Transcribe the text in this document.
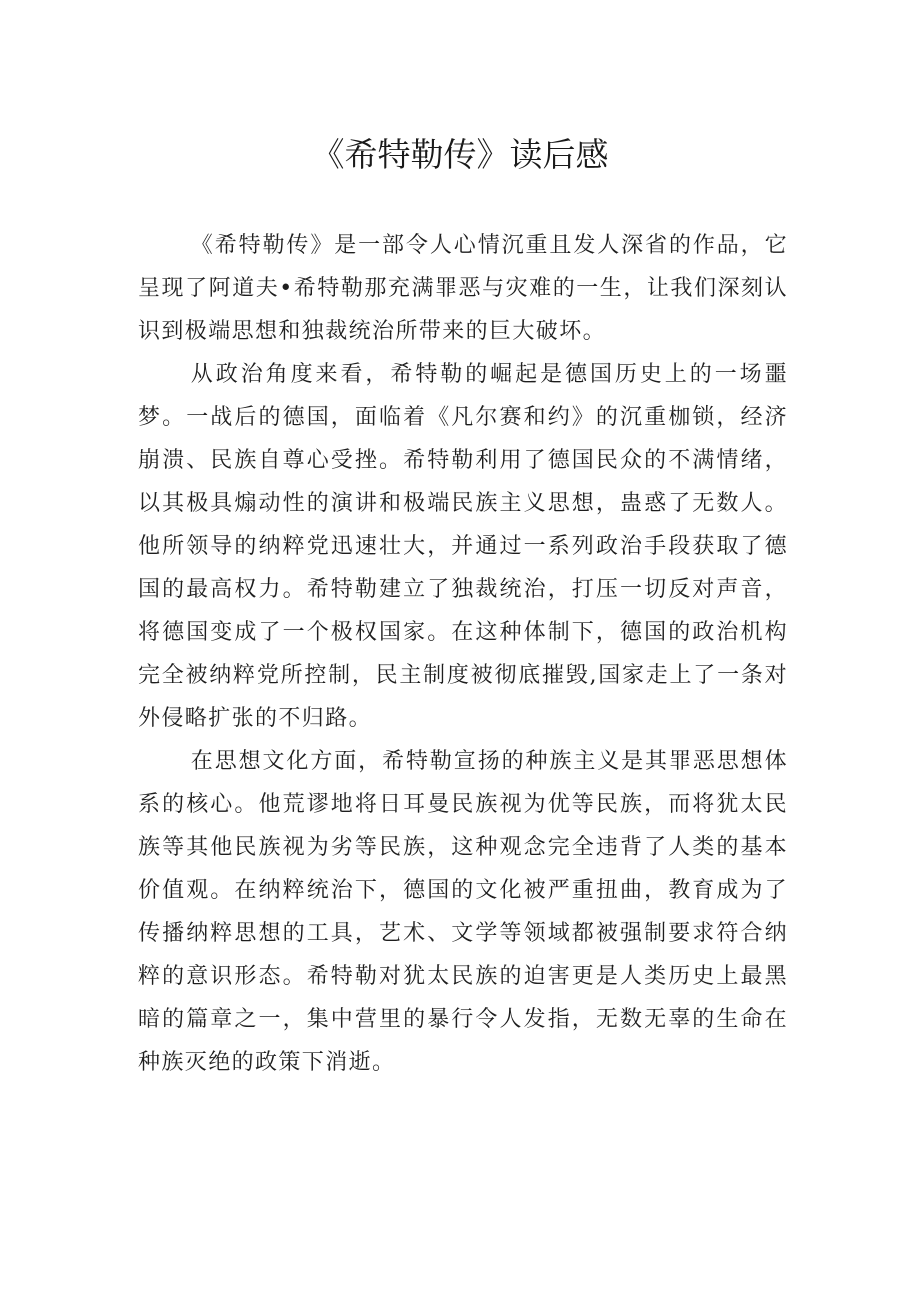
《希特勒传》读后感

《希特勒传》是一部令人心情沉重且发人深省的作品，它呈现了阿道夫•希特勒那充满罪恶与灾难的一生，让我们深刻认识到极端思想和独裁统治所带来的巨大破坏。

从政治角度来看，希特勒的崛起是德国历史上的一场噩梦。一战后的德国，面临着《凡尔赛和约》的沉重枷锁，经济崩溃、民族自尊心受挫。希特勒利用了德国民众的不满情绪，以其极具煽动性的演讲和极端民族主义思想，蛊惑了无数人。他所领导的纳粹党迅速壮大，并通过一系列政治手段获取了德国的最高权力。希特勒建立了独裁统治，打压一切反对声音，将德国变成了一个极权国家。在这种体制下，德国的政治机构完全被纳粹党所控制，民主制度被彻底摧毁,国家走上了一条对外侵略扩张的不归路。

在思想文化方面，希特勒宣扬的种族主义是其罪恶思想体系的核心。他荒谬地将日耳曼民族视为优等民族，而将犹太民族等其他民族视为劣等民族，这种观念完全违背了人类的基本价值观。在纳粹统治下，德国的文化被严重扭曲，教育成为了传播纳粹思想的工具，艺术、文学等领域都被强制要求符合纳粹的意识形态。希特勒对犹太民族的迫害更是人类历史上最黑暗的篇章之一，集中营里的暴行令人发指，无数无辜的生命在种族灭绝的政策下消逝。
